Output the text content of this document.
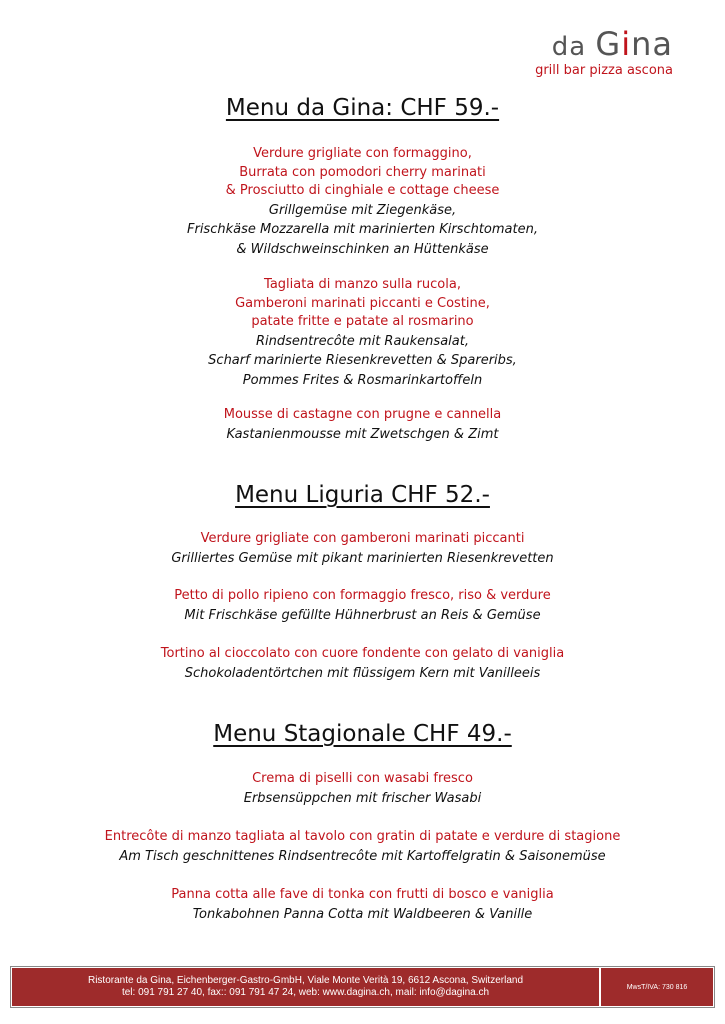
da Gina
grill bar pizza ascona
Menu da Gina: CHF 59.-
Verdure grigliate con formaggino,
Burrata con pomodori cherry marinati
& Prosciutto di cinghiale e cottage cheese
Grillgemüse mit Ziegenkäse,
Frischkäse Mozzarella mit marinierten Kirschtomaten,
& Wildschweinschinken an Hüttenkäse
Tagliata di manzo sulla rucola,
Gamberoni marinati piccanti e Costine,
patate fritte e patate al rosmarino
Rindsentrecôte mit Raukensalat,
Scharf marinierte Riesenkrevetten & Spareribs,
Pommes Frites & Rosmarinkartoffeln
Mousse di castagne con prugne e cannella
Kastanienmousse mit Zwetschgen & Zimt
Menu Liguria CHF 52.-
Verdure grigliate con gamberoni marinati piccanti
Grilliertes Gemüse mit pikant marinierten Riesenkrevetten
Petto di pollo ripieno con formaggio fresco, riso & verdure
Mit Frischkäse gefüllte Hühnerbrust an Reis & Gemüse
Tortino al cioccolato con cuore fondente con gelato di vaniglia
Schokoladentörtchen mit flüssigem Kern mit Vanilleeis
Menu Stagionale CHF 49.-
Crema di piselli con wasabi fresco
Erbsensüppchen mit frischer Wasabi
Entrecôte di manzo tagliata al tavolo con gratin di patate e verdure di stagione
Am Tisch geschnittenes Rindsentrecôte mit Kartoffelgratin & Saisonemüse
Panna cotta alle fave di tonka con frutti di bosco e vaniglia
Tonkabohnen Panna Cotta mit Waldbeeren & Vanille
Ristorante da Gina, Eichenberger-Gastro-GmbH, Viale Monte Verità 19, 6612 Ascona, Switzerland
tel: 091 791 27 40, fax:: 091 791 47 24, web: www.dagina.ch, mail: info@dagina.ch	MwsT/IVA: 730 816
